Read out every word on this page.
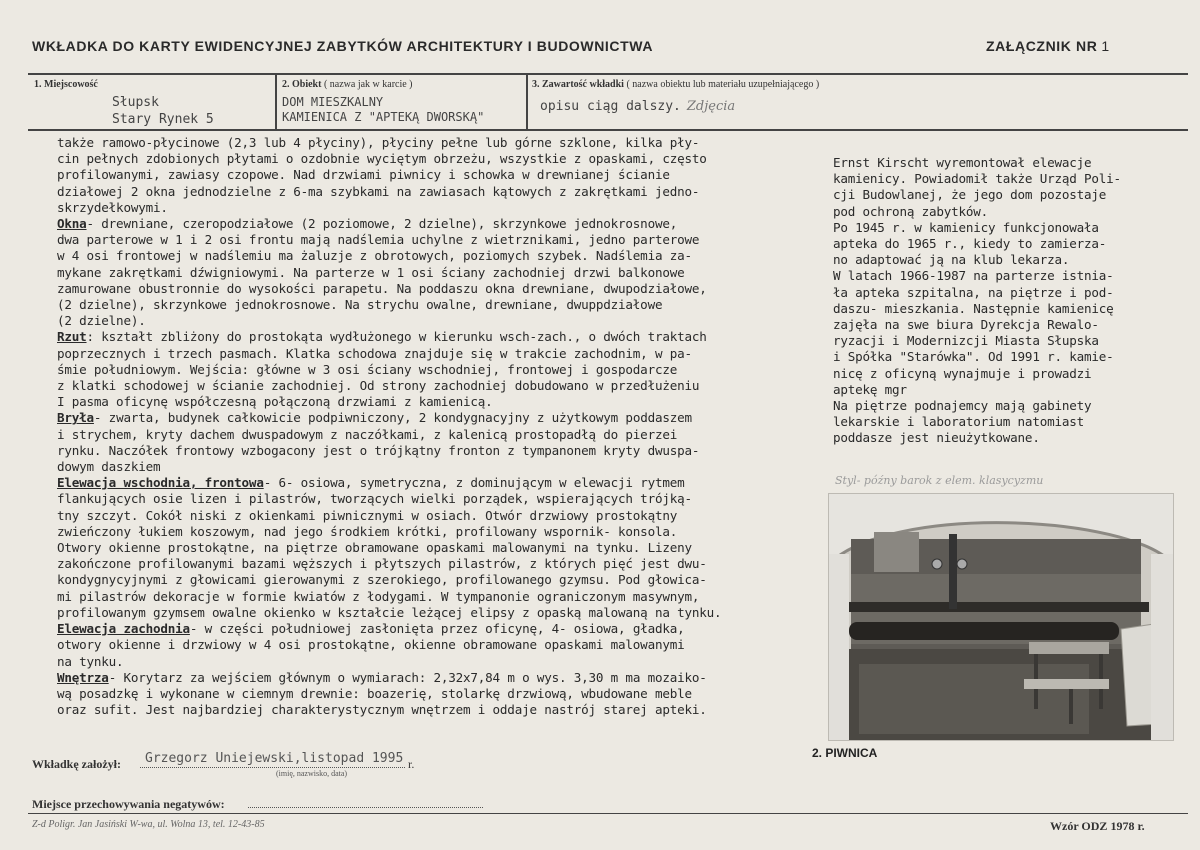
WKŁADKA DO KARTY EWIDENCYJNEJ ZABYTKÓW ARCHITEKTURY I BUDOWNICTWA	ZAŁĄCZNIK NR 1
1. Miejscowość
Słupsk
Stary Rynek 5
2. Obiekt ( nazwa jak w karcie )
DOM MIESZKALNY
KAMIENICA Z "APTEKĄ DWORSKĄ"
3. Zawartość wkładki ( nazwa obiektu lub materiału uzupełniającego )
opisu ciąg dalszy. Zdjęcia
także ramowo-płycinowe (2,3 lub 4 płyciny), płyciny pełne lub górne szklone, kilka pły-
cin pełnych zdobionych płytami o ozdobnie wyciętym obrzeżu, wszystkie z opaskami, często
profilowanymi, zawiasy czopowe. Nad drzwiami piwnicy i schowka w drewnianej ścianie
działowej 2 okna jednodzielne z 6-ma szybkami na zawiasach kątowych z zakrętkami jedno-
skrzydełkowymi.
Okna- drewniane, czeropodziałowe (2 poziomowe, 2 dzielne), skrzynkowe jednokrosnowe,
dwa parterowe w 1 i 2 osi frontu mają nadślemia uchylne z wietrznikami, jedno parterowe
w 4 osi frontowej w nadślemiu ma żaluzje z obrotowych, poziomych szybek. Nadślemia za-
mykane zakrętkami dźwigniowymi. Na parterze w 1 osi ściany zachodniej drzwi balkonowe
zamurowane obustronnie do wysokości parapetu. Na poddaszu okna drewniane, dwupodziałowe,
(2 dzielne), skrzynkowe jednokrosnowe. Na strychu owalne, drewniane, dwuppdziałowe
(2 dzielne).
Rzut: kształt zbliżony do prostokąta wydłużonego w kierunku wsch-zach., o dwóch traktach
poprzecznych i trzech pasmach. Klatka schodowa znajduje się w trakcie zachodnim, w pa-
śmie południowym. Wejścia: główne w 3 osi ściany wschodniej, frontowej i gospodarcze
z klatki schodowej w ścianie zachodniej. Od strony zachodniej dobudowano w przedłużeniu
I pasma oficynę współczesną połączoną drzwiami z kamienicą.
Bryła- zwarta, budynek całkowicie podpiwniczony, 2 kondygnacyjny z użytkowym poddaszem
i strychem, kryty dachem dwuspadowym z naczółkami, z kalenicą prostopadłą do pierzei
rynku. Naczółek frontowy wzbogacony jest o trójkątny fronton z tympanonem kryty dwuspa-
dowym daszkiem
Elewacja wschodnia, frontowa- 6- osiowa, symetryczna, z dominującym w elewacji rytmem
flankujących osie lizen i pilastrów, tworzących wielki porządek, wspierających trójką-
tny szczyt. Cokół niski z okienkami piwnicznymi w osiach. Otwór drzwiowy prostokątny
zwieńczony łukiem koszowym, nad jego środkiem krótki, profilowany wspornik- konsola.
Otwory okienne prostokątne, na piętrze obramowane opaskami malowanymi na tynku. Lizeny
zakończone profilowanymi bazami węższych i płytszych pilastrów, z których pięć jest dwu-
kondygnycyjnymi z głowicami gierowanymi z szerokiego, profilowanego gzymsu. Pod głowica-
mi pilastrów dekoracje w formie kwiatów z łodygami. W tympanonie ograniczonym masywnym,
profilowanym gzymsem owalne okienko w kształcie leżącej elipsy z opaską malowaną na tynku.
Elewacja zachodnia- w części południowej zasłonięta przez oficynę, 4- osiowa, gładka,
otwory okienne i drzwiowy w 4 osi prostokątne, okienne obramowane opaskami malowanymi
na tynku.
Wnętrza- Korytarz za wejściem głównym o wymiarach: 2,32x7,84 m o wys. 3,30 m ma mozaiko-
wą posadzkę i wykonane w ciemnym drewnie: boazerię, stolarkę drzwiową, wbudowane meble
oraz sufit. Jest najbardziej charakterystycznym wnętrzem i oddaje nastrój starej apteki.
Ernst Kirscht wyremontował elewacje
kamienicy. Powiadomił także Urząd Poli-
cji Budowlanej, że jego dom pozostaje
pod ochroną zabytków.
Po 1945 r. w kamienicy funkcjonowała
apteka do 1965 r., kiedy to zamierza-
no adaptować ją na klub lekarza.
W latach 1966-1987 na parterze istnia-
ła apteka szpitalna, na piętrze i pod-
daszu- mieszkania. Następnie kamienicę
zajęła na swe biura Dyrekcja Rewalo-
ryzacji i Modernizcji Miasta Słupska
i Spółka "Starówka". Od 1991 r. kamie-
nicę z oficyną wynajmuje i prowadzi
aptekę mgr
Na piętrze podnajemcy mają gabinety
lekarskie i laboratorium natomiast
poddasze jest nieużytkowane.
Styl- późny barok z elem. klasycyzmu
2. PIWNICA
Wkładkę założył: Grzegorz Uniejewski,listopad 1995 r.
(imię, nazwisko, data)
Miejsce przechowywania negatywów:
Z-d Poligr. Jan Jasiński W-wa, ul. Wolna 13, tel. 12-43-85	Wzór ODZ 1978 r.
